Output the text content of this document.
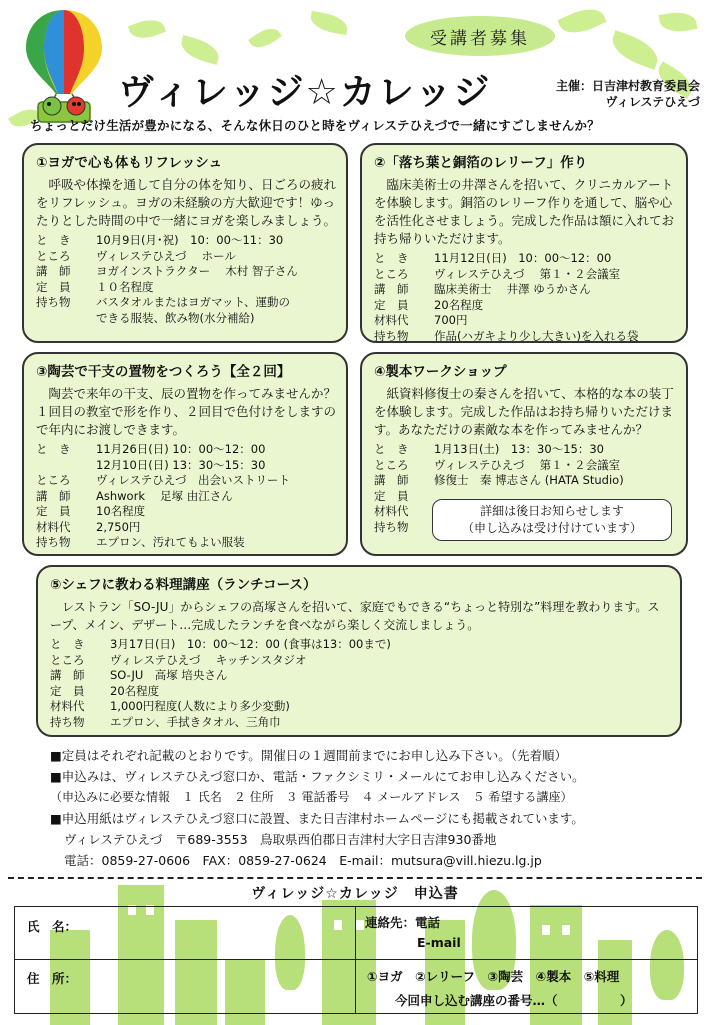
受講者募集
ヴィレッジ☆カレッジ	主催：日吉津村教育委員会
ヴィレステひえづ
ちょっとだけ生活が豊かになる、そんな休日のひと時をヴィレステひえづで一緒にすごしませんか？
①ヨガで心も体もリフレッシュ

呼吸や体操を通して自分の体を知り、日ごろの疲れをリフレッシュ。ヨガの未経験の方大歓迎です！ゆったりとした時間の中で一緒にヨガを楽しみましょう。

と　き	10月9日(月･祝)　10：00～11：30
ところ	ヴィレステひえづ　 ホール
講　師	ヨガインストラクター　 木村 智子さん
定　員	１０名程度
持ち物	バスタオルまたはヨガマット、運動の
できる服装、飲み物(水分補給)
②「落ち葉と銅箔のレリーフ」作り

臨床美術士の井澤さんを招いて、クリニカルアートを体験します。銅箔のレリーフ作りを通して、脳や心を活性化させましょう。完成した作品は額に入れてお持ち帰りいただけます。

と　き	11月12日(日)　10：00～12：00
ところ	ヴィレステひえづ　 第１・２会議室
講　師	臨床美術士　 井澤 ゆうかさん
定　員	20名程度
材料代	700円
持ち物	作品(ハガキより少し大きい)を入れる袋
③陶芸で干支の置物をつくろう【全２回】

陶芸で来年の干支、辰の置物を作ってみませんか？１回目の教室で形を作り、２回目で色付けをしますので年内にお渡しできます。

と　き	11月26日(日) 10：00～12：00
12月10日(日) 13：30～15：30
ところ	ヴィレステひえづ　出会いストリート
講　師	Ashwork　 足塚 由江さん
定　員	10名程度
材料代	2,750円
持ち物	エプロン、汚れてもよい服装
④製本ワークショップ

紙資料修復士の秦さんを招いて、本格的な本の装丁を体験します。完成した作品はお持ち帰りいただけます。あなただけの素敵な本を作ってみませんか？

と　き	1月13日(土)　13：30～15：30
ところ	ヴィレステひえづ　 第１・２会議室
講　師	修復士　秦 博志さん (HATA Studio)
定　員
材料代
持ち物
詳細は後日お知らせします
（申し込みは受け付けています）
⑤シェフに教わる料理講座（ランチコース）

レストラン「SO-JU」からシェフの高塚さんを招いて、家庭でもできる“ちょっと特別な”料理を教わります。スープ、メイン、デザート…完成したランチを食べながら楽しく交流しましょう。

と　き	3月17日(日)　10：00～12：00 (食事は13：00まで)
ところ	ヴィレステひえづ　 キッチンスタジオ
講　師	SO-JU　高塚 培央さん
定　員	20名程度
材料代	1,000円程度(人数により多少変動)
持ち物	エプロン、手拭きタオル、三角巾
■定員はそれぞれ記載のとおりです。開催日の１週間前までにお申し込み下さい。（先着順）
■申込みは、ヴィレステひえづ窓口か、電話・ファクシミリ・メールにてお申し込みください。
（申込みに必要な情報　１ 氏名　２ 住所　３ 電話番号　４ メールアドレス　５ 希望する講座）
■申込用紙はヴィレステひえづ窓口に設置、また日吉津村ホームページにも掲載されています。
ヴィレステひえづ　〒689-3553　鳥取県西伯郡日吉津村大字日吉津930番地
電話：0859-27-0606　FAX：0859-27-0624　E-mail：mutsura@vill.hiezu.lg.jp
ヴィレッジ☆カレッジ　申込書
氏　名：	連絡先：電話
E-mail
住　所：	①ヨガ　②レリーフ　③陶芸　④製本　⑤料理
今回申し込む講座の番号…（　　　　　）
